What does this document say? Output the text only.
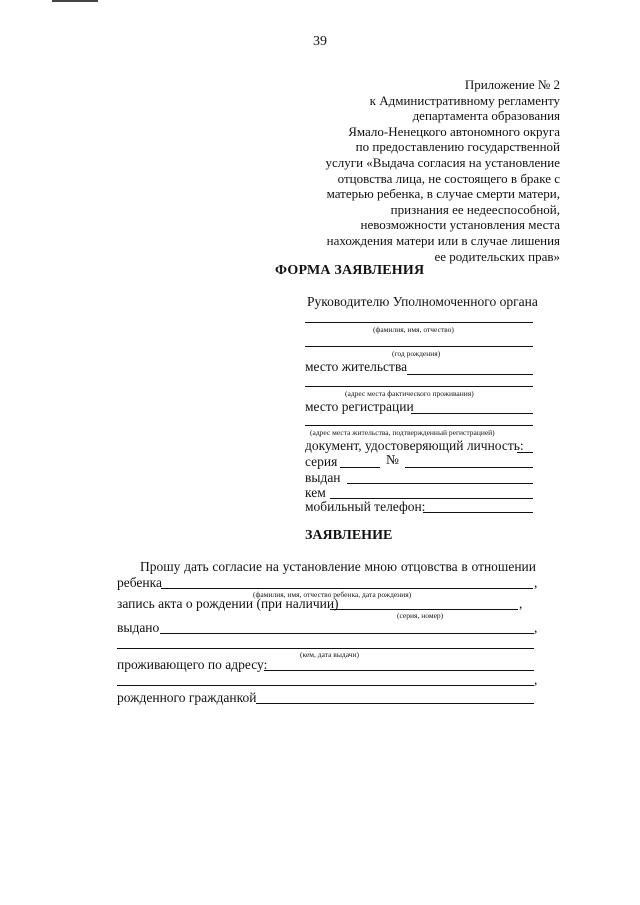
39
Приложение № 2
к Административному регламенту
департамента образования
Ямало-Ненецкого автономного округа
по предоставлению государственной
услуги «Выдача согласия на установление
отцовства лица, не состоящего в браке с
матерью ребенка, в случае смерти матери,
признания ее недееспособной,
невозможности установления места
нахождения матери или в случае лишения
ее родительских прав»
ФОРМА ЗАЯВЛЕНИЯ
Руководителю Уполномоченного органа
(фамилия, имя, отчество)
(год рождения)
место жительства
(адрес места фактического проживания)
место регистрации
(адрес места жительства, подтвержденный регистрацией)
документ, удостоверяющий личность:
серия	№
выдан
кем
мобильный телефон:
ЗАЯВЛЕНИЕ
Прошу дать согласие на установление мною отцовства в отношении
ребенка	,
(фамилия, имя, отчество ребенка, дата рождения)
запись акта о рождении (при наличии)	,
(серия, номер)
выдано	,
(кем, дата выдачи)
проживающего по адресу:
,
рожденного гражданкой
